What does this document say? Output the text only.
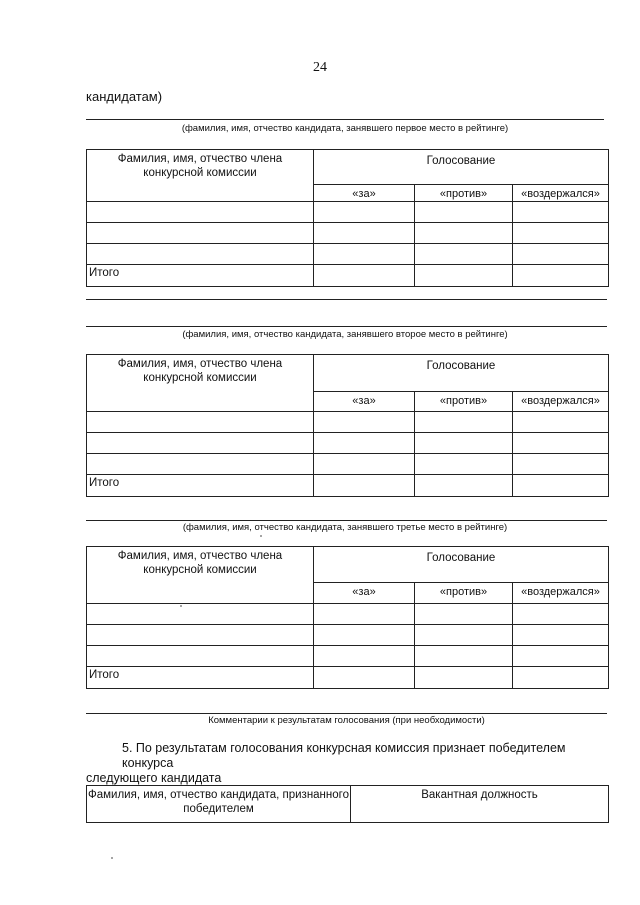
24
кандидатам)
(фамилия, имя, отчество кандидата, занявшего первое место в рейтинге)
Фамилия, имя, отчество члена конкурсной комиссии	Голосование		
	«за»	«против»	«воздержался»

Итого			
(фамилия, имя, отчество кандидата, занявшего второе место в рейтинге)
Фамилия, имя, отчество члена конкурсной комиссии	Голосование		
	«за»	«против»	«воздержался»

Итого			
(фамилия, имя, отчество кандидата, занявшего третье место в рейтинге)
Фамилия, имя, отчество члена конкурсной комиссии	Голосование		
	«за»	«против»	«воздержался»

Итого			
Комментарии к результатам голосования (при необходимости)
5. По результатам голосования конкурсная комиссия признает победителем конкурса
следующего кандидата
Фамилия, имя, отчество кандидата, признанного победителем	Вакантная должность
